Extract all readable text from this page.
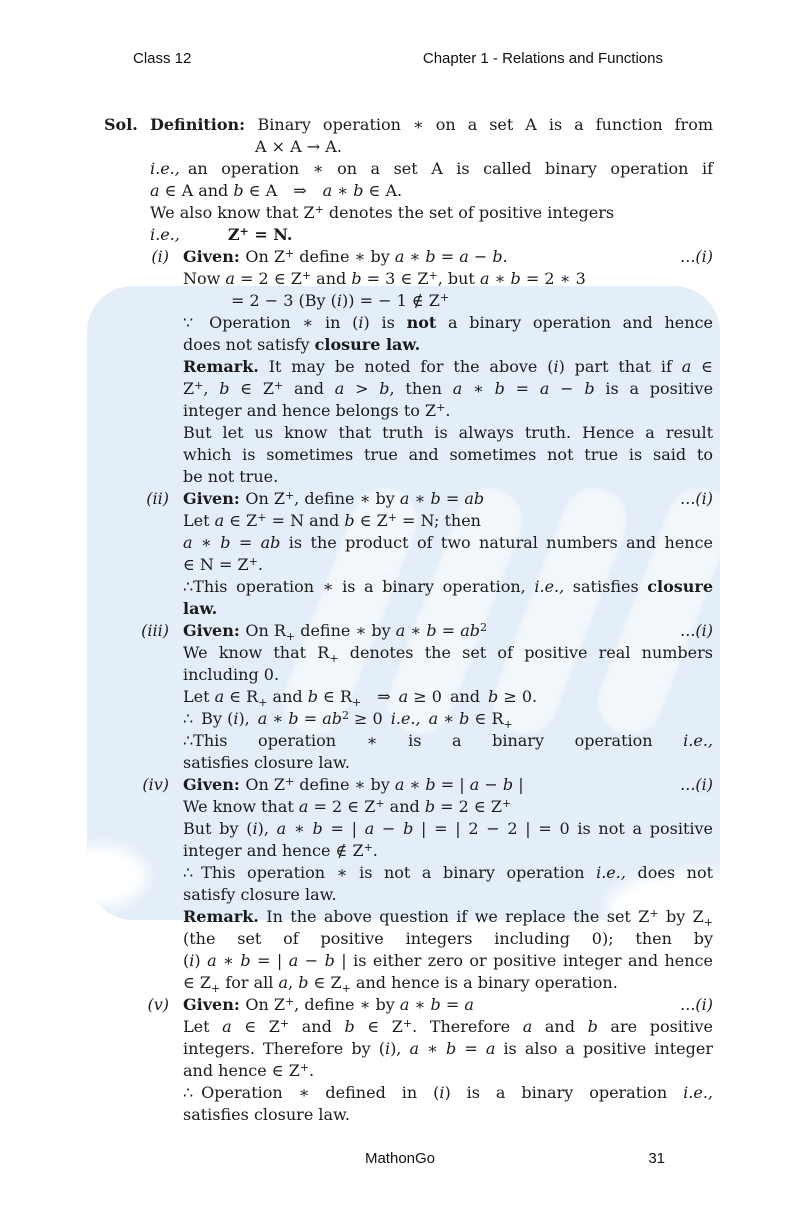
Class 12	Chapter 1 - Relations and Functions
Sol. Definition: Binary operation ∗ on a set A is a function from
A × A → A.
i.e., an operation ∗ on a set A is called binary operation if
a ∈ A and b ∈ A ⇒ a ∗ b ∈ A.
We also know that Z+ denotes the set of positive integers
i.e.,	Z+ = N.
(i)	...(i)
Given: On Z+ define ∗ by a ∗ b = a − b.
Now a = 2 ∈ Z+ and b = 3 ∈ Z+, but a ∗ b = 2 ∗ 3
= 2 − 3 (By (i)) = − 1 ∉ Z+
∵ Operation ∗ in (i) is not a binary operation and hence
does not satisfy closure law.
Remark. It may be noted for the above (i) part that if a ∈
Z+, b ∈ Z+ and a > b, then a ∗ b = a − b is a positive
integer and hence belongs to Z+.
But let us know that truth is always truth. Hence a result
which is sometimes true and sometimes not true is said to
be not true.
(ii)	...(i)
Given: On Z+, define ∗ by a ∗ b = ab
Let a ∈ Z+ = N and b ∈ Z+ = N; then
a ∗ b = ab is the product of two natural numbers and hence
∈ N = Z+.
∴This operation ∗ is a binary operation, i.e., satisfies closure
law.
(iii)	...(i)
Given: On $R_+$ define ∗ by a ∗ $b = ab^2$
We know that $R_+$ denotes the set of positive real numbers
including 0.
Let a ∈ $R_+$ and b ∈ $R_+$ ⇒ a ≥ 0 and b ≥ 0.
∴ By (i), a ∗ $b = ab^2 \ge 0$ i.e.,  a ∗ b ∈ $R_+$
∴This operation ∗ is a binary operation i.e.,
satisfies closure law.
(iv)	...(i)
Given: On Z+ define ∗ by a ∗ b = | a − b |
We know that a = 2 ∈ Z+ and b = 2 ∈ Z+
But by (i), a ∗ b = | a − b | = | 2 − 2 | = 0 is not a positive
integer and hence ∉ Z+.
∴ This operation ∗ is not a binary operation i.e., does not
satisfy closure law.
Remark. In the above question if we replace the set Z+ by $Z_+$
(the set of positive integers including 0); then by
(i) a ∗ b = | a − b | is either zero or positive integer and hence
∈ $Z_+$ for all a, b ∈ $Z_+$ and hence is a binary operation.
(v)	...(i)
Given: On Z+, define ∗ by a ∗ b = a
Let a ∈ Z+ and b ∈ Z+. Therefore a and b are positive
integers. Therefore by (i), a ∗ b = a is also a positive integer
and hence ∈ Z+.
∴ Operation ∗ defined in (i) is a binary operation i.e.,
satisfies closure law.
MathonGo	31
